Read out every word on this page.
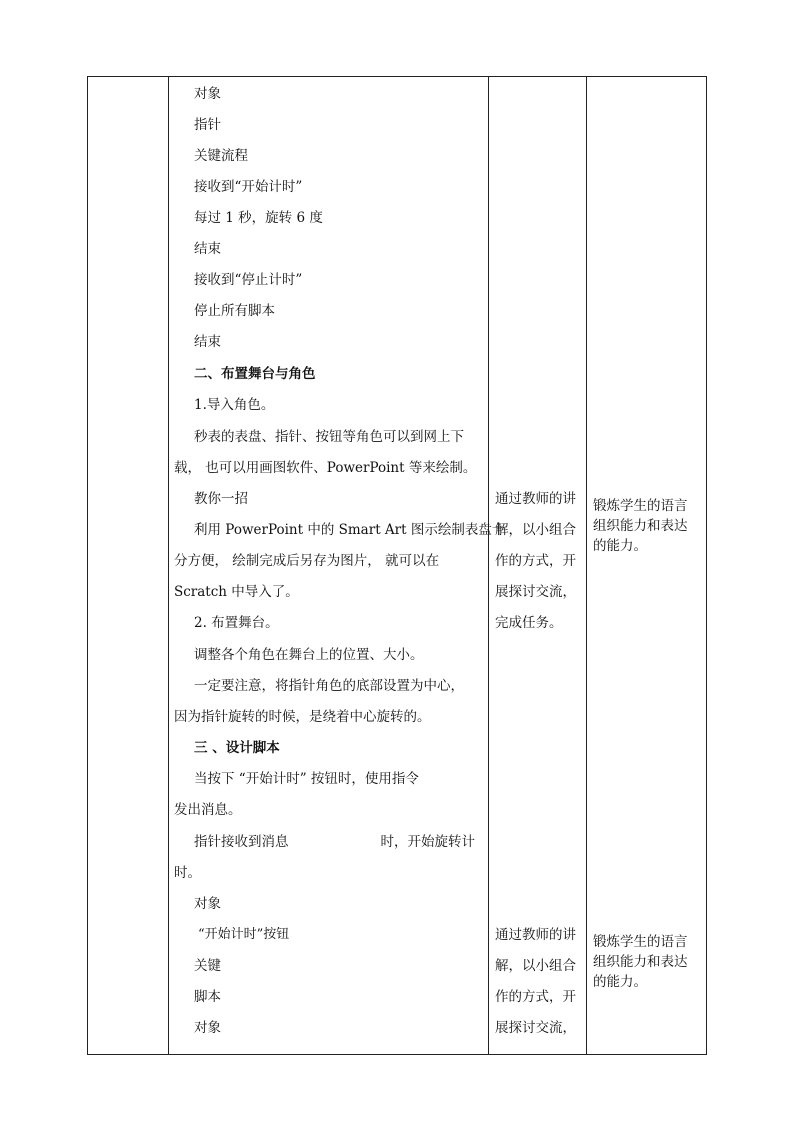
对象
指针
关键流程
接收到“开始计时”
每过 1 秒，旋转 6 度
结束
接收到“停止计时”
停止所有脚本
结束
二、布置舞台与角色
1.导入角色。
秒表的表盘、指针、按钮等角色可以到网上下
载， 也可以用画图软件、PowerPoint 等来绘制。
教你一招
利用 PowerPoint 中的 Smart Art 图示绘制表盘十
分方便， 绘制完成后另存为图片， 就可以在
Scratch 中导入了。
2. 布置舞台。
调整各个角色在舞台上的位置、大小。
一定要注意，将指针角色的底部设置为中心，
因为指针旋转的时候，是绕着中心旋转的。
三 、设计脚本
当按下 “开始计时” 按钮时，使用指令
发出消息。
指针接收到消息	时，开始旋转计
时。
对象
“开始计时”按钮
关键
脚本
对象
通过教师的讲
解，以小组合
作的方式，开
展探讨交流，
完成任务。
通过教师的讲
解，以小组合
作的方式，开
展探讨交流，
锻炼学生的语言
组织能力和表达
的能力。
锻炼学生的语言
组织能力和表达
的能力。
